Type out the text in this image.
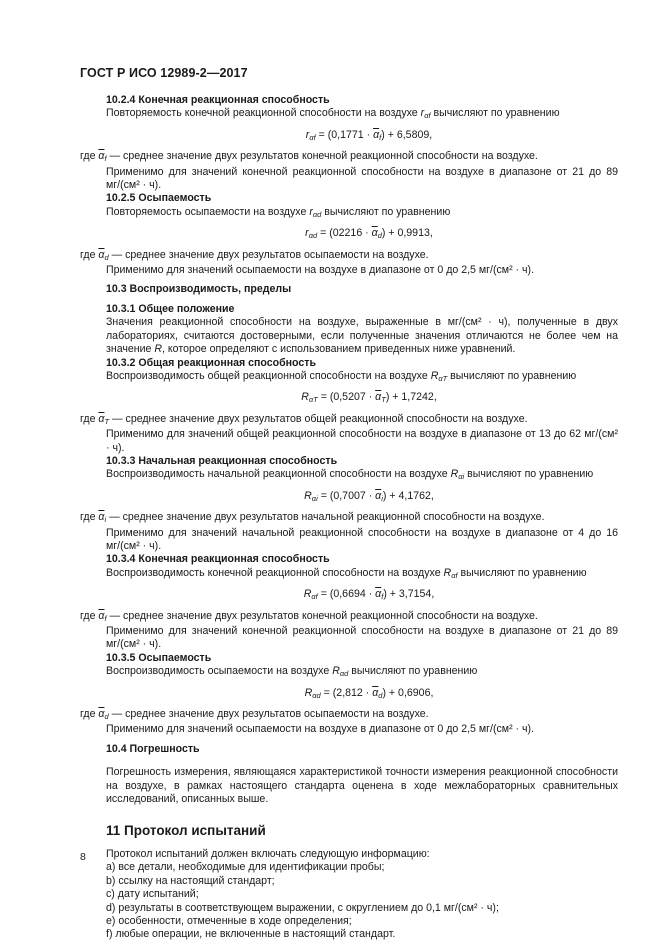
ГОСТ Р ИСО 12989-2—2017

10.2.4 Конечная реакционная способность

Повторяемость конечной реакционной способности на воздухе $r_{\alpha f}$ вычисляют по уравнению

$r_{\alpha f} = (0,1771 \cdot \overline{\alpha}_f) + 6,5809$,

где $\overline{\alpha}_f$ — среднее значение двух результатов конечной реакционной способности на воздухе.

Применимо для значений конечной реакционной способности на воздухе в диапазоне от 21 до 89 мг/(см² · ч).

10.2.5 Осыпаемость

Повторяемость осыпаемости на воздухе $r_{\alpha d}$ вычисляют по уравнению

$r_{\alpha d} = (02216 \cdot \overline{\alpha}_d) + 0,9913$,

где $\overline{\alpha}_d$ — среднее значение двух результатов осыпаемости на воздухе.

Применимо для значений осыпаемости на воздухе в диапазоне от 0 до 2,5 мг/(см² · ч).

10.3 Воспроизводимость, пределы

10.3.1 Общее положение

Значения реакционной способности на воздухе, выраженные в мг/(см² · ч), полученные в двух лабораториях, считаются достоверными, если полученные значения отличаются не более чем на значение R, которое определяют с использованием приведенных ниже уравнений.

10.3.2 Общая реакционная способность

Воспроизводимость общей реакционной способности на воздухе $R_{\alpha T}$ вычисляют по уравнению

$R_{\alpha T} = (0,5207 \cdot \overline{\alpha}_T) + 1,7242$,

где $\overline{\alpha}_T$ — среднее значение двух результатов общей реакционной способности на воздухе.

Применимо для значений общей реакционной способности на воздухе в диапазоне от 13 до 62 мг/(см² · ч).

10.3.3 Начальная реакционная способность

Воспроизводимость начальной реакционной способности на воздухе $R_{\alpha i}$ вычисляют по уравнению

$R_{\alpha i} = (0,7007 \cdot \overline{\alpha}_i) + 4,1762$,

где $\overline{\alpha}_i$ — среднее значение двух результатов начальной реакционной способности на воздухе.

Применимо для значений начальной реакционной способности на воздухе в диапазоне от 4 до 16 мг/(см² · ч).

10.3.4 Конечная реакционная способность

Воспроизводимость конечной реакционной способности на воздухе $R_{\alpha f}$ вычисляют по уравнению

$R_{\alpha f} = (0,6694 \cdot \overline{\alpha}_f) + 3,7154$,

где $\overline{\alpha}_f$ — среднее значение двух результатов конечной реакционной способности на воздухе.

Применимо для значений конечной реакционной способности на воздухе в диапазоне от 21 до 89 мг/(см² · ч).

10.3.5 Осыпаемость

Воспроизводимость осыпаемости на воздухе $R_{\alpha d}$ вычисляют по уравнению

$R_{\alpha d} = (2,812 \cdot \overline{\alpha}_d) + 0,6906$,

где $\overline{\alpha}_d$ — среднее значение двух результатов осыпаемости на воздухе.

Применимо для значений осыпаемости на воздухе в диапазоне от 0 до 2,5 мг/(см² · ч).

10.4 Погрешность

Погрешность измерения, являющаяся характеристикой точности измерения реакционной способности на воздухе, в рамках настоящего стандарта оценена в ходе межлабораторных сравнительных исследований, описанных выше.

11 Протокол испытаний

Протокол испытаний должен включать следующую информацию:

a) все детали, необходимые для идентификации пробы;

b) ссылку на настоящий стандарт;

c) дату испытаний;

d) результаты в соответствующем выражении, с округлением до 0,1 мг/(см² · ч);

e) особенности, отмеченные в ходе определения;

f) любые операции, не включенные в настоящий стандарт.

8
